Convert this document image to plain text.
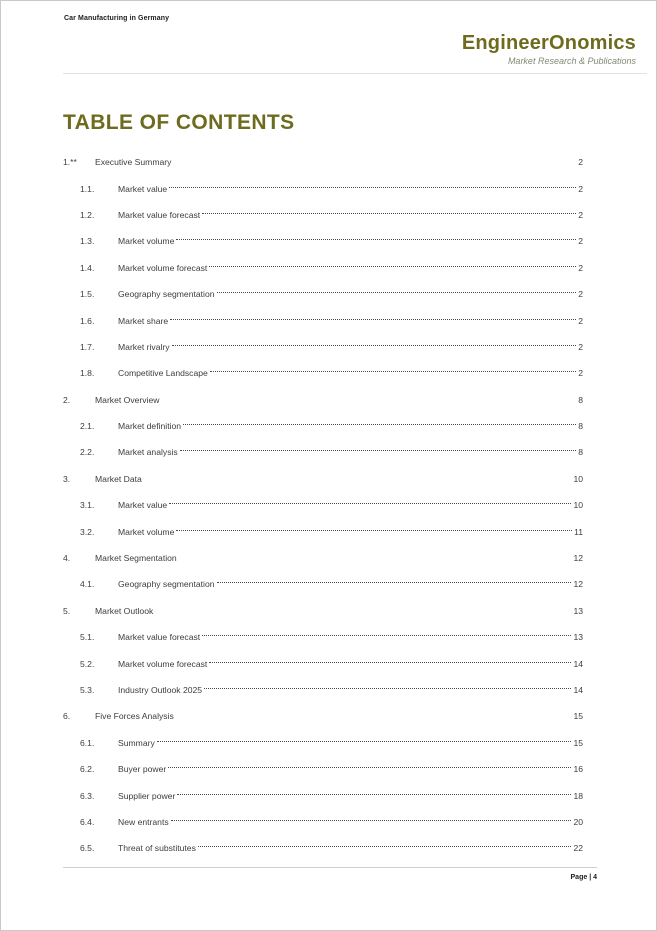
Car Manufacturing in Germany
EngineerOnomics
Market Research & Publications
TABLE OF CONTENTS
1.**	Executive Summary	2
1.1.	Market value	2
1.2.	Market value forecast	2
1.3.	Market volume	2
1.4.	Market volume forecast	2
1.5.	Geography segmentation	2
1.6.	Market share	2
1.7.	Market rivalry	2
1.8.	Competitive Landscape	2
2.	Market Overview	8
2.1.	Market definition	8
2.2.	Market analysis	8
3.	Market Data	10
3.1.	Market value	10
3.2.	Market volume	11
4.	Market Segmentation	12
4.1.	Geography segmentation	12
5.	Market Outlook	13
5.1.	Market value forecast	13
5.2.	Market volume forecast	14
5.3.	Industry Outlook 2025	14
6.	Five Forces Analysis	15
6.1.	Summary	15
6.2.	Buyer power	16
6.3.	Supplier power	18
6.4.	New entrants	20
6.5.	Threat of substitutes	22
Page | 4
